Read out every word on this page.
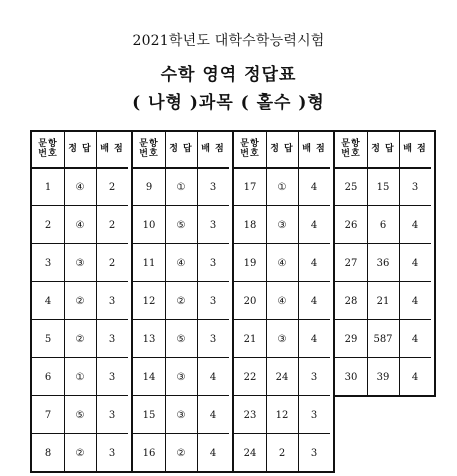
2021학년도 대학수학능력시험
수학 영역 정답표
( 나형 )과목 ( 홀수 )형
문항
번호	정 답 배 점
1	④	2
2	④	2
3	③	2
4	②	3
5	②	3
6	①	3
7	⑤	3
8	②	3
문항
번호	정 답 배 점
9	①	3
10	⑤	3
11	④	3
12	②	3
13	⑤	3
14	③	4
15	③	4
16	②	4
문항
번호	정 답 배 점
17	①	4
18	③	4
19	④	4
20	④	4
21	③	4
22	24	3
23	12	3
24	2	3
문항
번호	정 답 배 점
25	15	3
26	6	4
27	36	4
28	21	4
29	587	4
30	39	4
